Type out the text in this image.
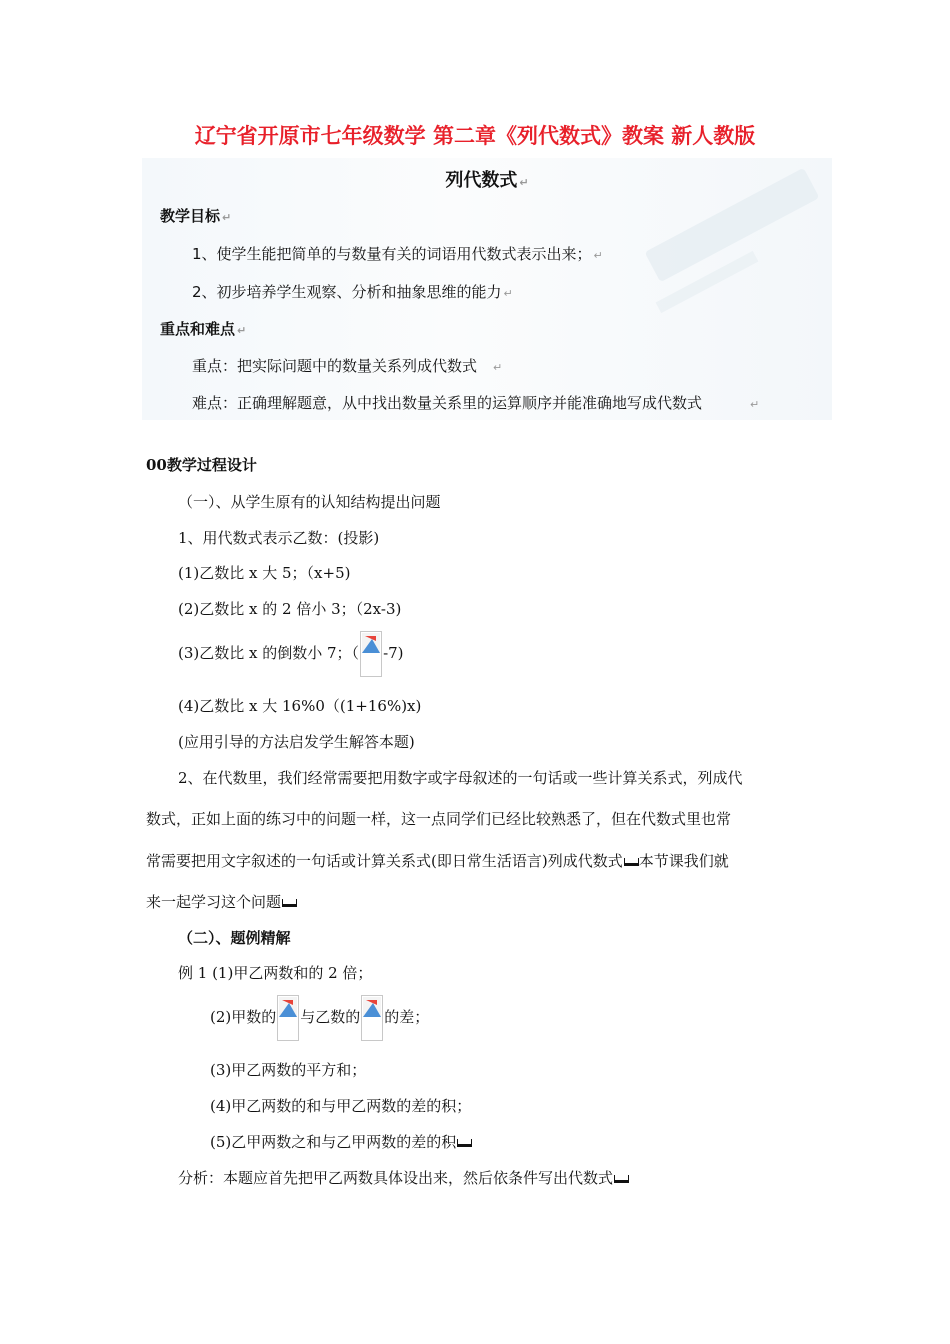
辽宁省开原市七年级数学 第二章《列代数式》教案 新人教版
列代数式 ↵
教学目标 ↵
1、使学生能把简单的与数量有关的词语用代数式表示出来； ↵
2、初步培养学生观察、分析和抽象思维的能力 ↵
重点和难点 ↵
重点：把实际问题中的数量关系列成代数式 ↵
难点：正确理解题意，从中找出数量关系里的运算顺序并能准确地写成代数式	↵
00教学过程设计
（一）、从学生原有的认知结构提出问题
1、用代数式表示乙数：(投影)
(1)乙数比 x 大 5；（x+5)
(2)乙数比 x 的 2 倍小 3；（2x-3)
(3)乙数比 x 的倒数小 7；（ -7)
(4)乙数比 x 大 16%0（(1+16%)x)
(应用引导的方法启发学生解答本题)
2、在代数里，我们经常需要把用数字或字母叙述的一句话或一些计算关系式，列成代
数式，正如上面的练习中的问题一样，这一点同学们已经比较熟悉了，但在代数式里也常
常需要把用文字叙述的一句话或计算关系式(即日常生活语言)列成代数式 本节课我们就
来一起学习这个问题
（二）、题例精解
例 1 (1)甲乙两数和的 2 倍；
(2)甲数的 与乙数的 的差；
(3)甲乙两数的平方和；
(4)甲乙两数的和与甲乙两数的差的积；
(5)乙甲两数之和与乙甲两数的差的积
分析：本题应首先把甲乙两数具体设出来，然后依条件写出代数式
